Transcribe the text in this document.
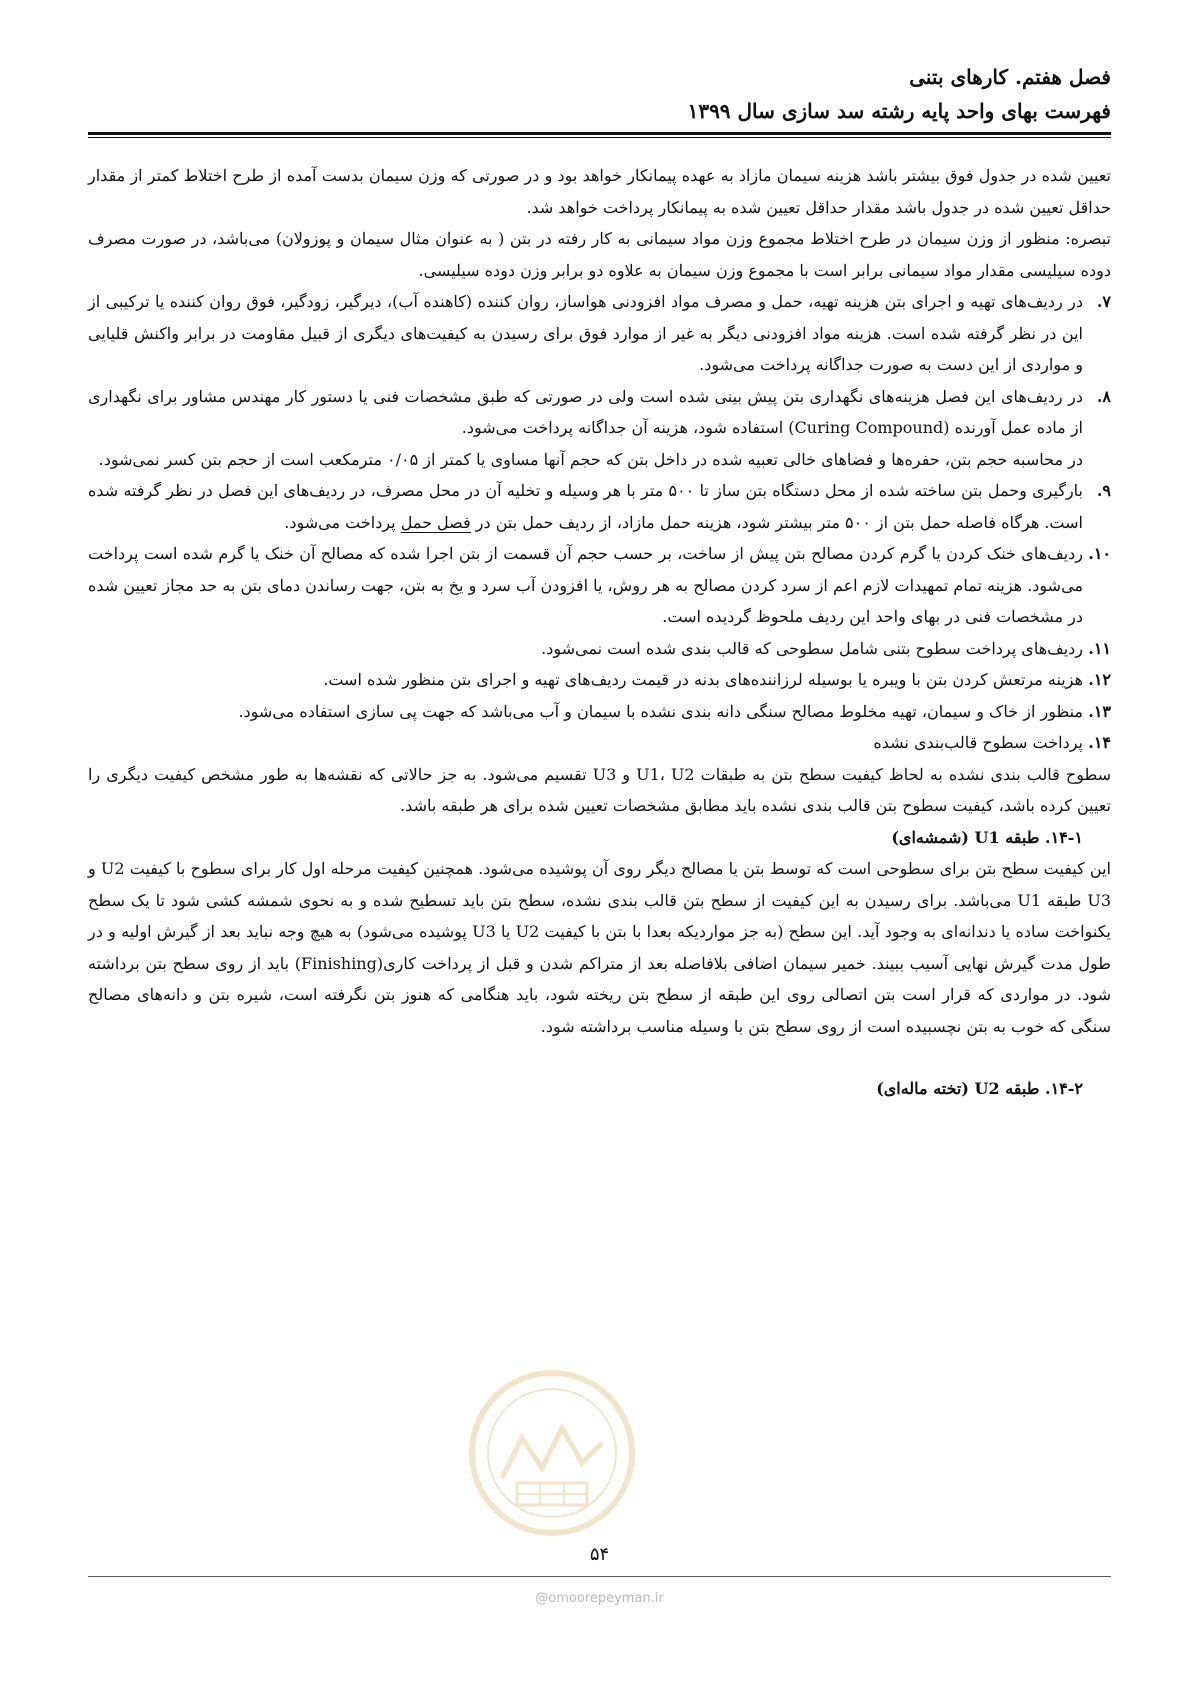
فصل هفتم. کارهای بتنی
فهرست بهای واحد پایه رشته سد سازی سال ۱۳۹۹

تعیین شده در جدول فوق بیشتر باشد هزینه سیمان مازاد به عهده پیمانکار خواهد بود و در صورتی که وزن سیمان بدست آمده از طرح اختلاط کمتر از مقدار حداقل تعیین شده در جدول باشد مقدار حداقل تعیین شده به پیمانکار پرداخت خواهد شد.

تبصره: منظور از وزن سیمان در طرح اختلاط مجموع وزن مواد سیمانی به کار رفته در بتن ( به عنوان مثال سیمان و پوزولان) می‌باشد، در صورت مصرف دوده سیلیسی مقدار مواد سیمانی برابر است با مجموع وزن سیمان به علاوه دو برابر وزن دوده سیلیسی.

۷.
در ردیف‌های تهیه و اجرای بتن هزینه تهیه، حمل و مصرف مواد افزودنی هواساز، روان کننده (کاهنده آب)، دیرگیر، زودگیر، فوق روان کننده یا ترکیبی از این در نظر گرفته شده است. هزینه مواد افزودنی دیگر به غیر از موارد فوق برای رسیدن به کیفیت‌های دیگری از قبیل مقاومت در برابر واکنش قلیایی و مواردی از این دست به صورت جداگانه پرداخت می‌شود.
۸.
در ردیف‌های این فصل هزینه‌های نگهداری بتن پیش بینی شده است ولی در صورتی که طبق مشخصات فنی یا دستور کار مهندس مشاور برای نگهداری از ماده عمل آورنده (Curing Compound) استفاده شود، هزینه آن جداگانه پرداخت می‌شود.

در محاسبه حجم بتن، حفره‌ها و فضاهای خالی تعبیه شده در داخل بتن که حجم آنها مساوی یا کمتر از ۰/۰۵ مترمکعب است از حجم بتن کسر نمی‌شود.

۹.
بارگیری وحمل بتن ساخته شده از محل دستگاه بتن ساز تا ۵۰۰ متر با هر وسیله و تخلیه آن در محل مصرف، در ردیف‌های این فصل در نظر گرفته شده است. هرگاه فاصله حمل بتن از ۵۰۰ متر بیشتر شود، هزینه حمل مازاد، از ردیف حمل بتن در فصل حمل پرداخت می‌شود.
۱۰.
ردیف‌های خنک کردن یا گرم کردن مصالح بتن پیش از ساخت، بر حسب حجم آن قسمت از بتن اجرا شده که مصالح آن خنک یا گرم شده است پرداخت می‌شود. هزینه تمام تمهیدات لازم اعم از سرد کردن مصالح به هر روش، یا افزودن آب سرد و یخ به بتن، جهت رساندن دمای بتن به حد مجاز تعیین شده در مشخصات فنی در بهای واحد این ردیف ملحوظ گردیده است.
۱۱.
ردیف‌های پرداخت سطوح بتنی شامل سطوحی که قالب بندی شده است نمی‌شود.
۱۲.
هزینه مرتعش کردن بتن با ویبره یا بوسیله لرزاننده‌های بدنه در قیمت ردیف‌های تهیه و اجرای بتن منظور شده است.
۱۳.
منظور از خاک و سیمان، تهیه مخلوط مصالح سنگی دانه بندی نشده با سیمان و آب می‌باشد که جهت پی سازی استفاده می‌شود.
۱۴.
پرداخت سطوح قالب‌بندی نشده

سطوح قالب بندی نشده به لحاظ کیفیت سطح بتن به طبقات U1، U2 و U3 تقسیم می‌شود. به جز حالاتی که نقشه‌ها به طور مشخص کیفیت دیگری را تعیین کرده باشد، کیفیت سطوح بتن قالب بندی نشده باید مطابق مشخصات تعیین شده برای هر طبقه باشد.

۱۴-۱. طبقه U1 (شمشه‌ای)

این کیفیت سطح بتن برای سطوحی است که توسط بتن یا مصالح دیگر روی آن پوشیده می‌شود. همچنین کیفیت مرحله اول کار برای سطوح با کیفیت U2 و U3 طبقه U1 می‌باشد. برای رسیدن به این کیفیت از سطح بتن قالب بندی نشده، سطح بتن باید تسطیح شده و به نحوی شمشه کشی شود تا یک سطح یکنواخت ساده یا دندانه‌ای به وجود آید. این سطح (به جز مواردیکه بعدا با بتن با کیفیت U2 یا U3 پوشیده می‌شود) به هیچ وجه نباید بعد از گیرش اولیه و در طول مدت گیرش نهایی آسیب ببیند. خمیر سیمان اضافی بلافاصله بعد از متراکم شدن و قبل از پرداخت کاری(Finishing) باید از روی سطح بتن برداشته شود. در مواردی که قرار است بتن اتصالی روی این طبقه از سطح بتن ریخته شود، باید هنگامی که هنوز بتن نگرفته است، شیره بتن و دانه‌های مصالح سنگی که خوب به بتن نچسبیده است از روی سطح بتن با وسیله مناسب برداشته شود.

۱۴-۲. طبقه U2 (تخته ماله‌ای)

۵۴
@omoorepeyman.ir
